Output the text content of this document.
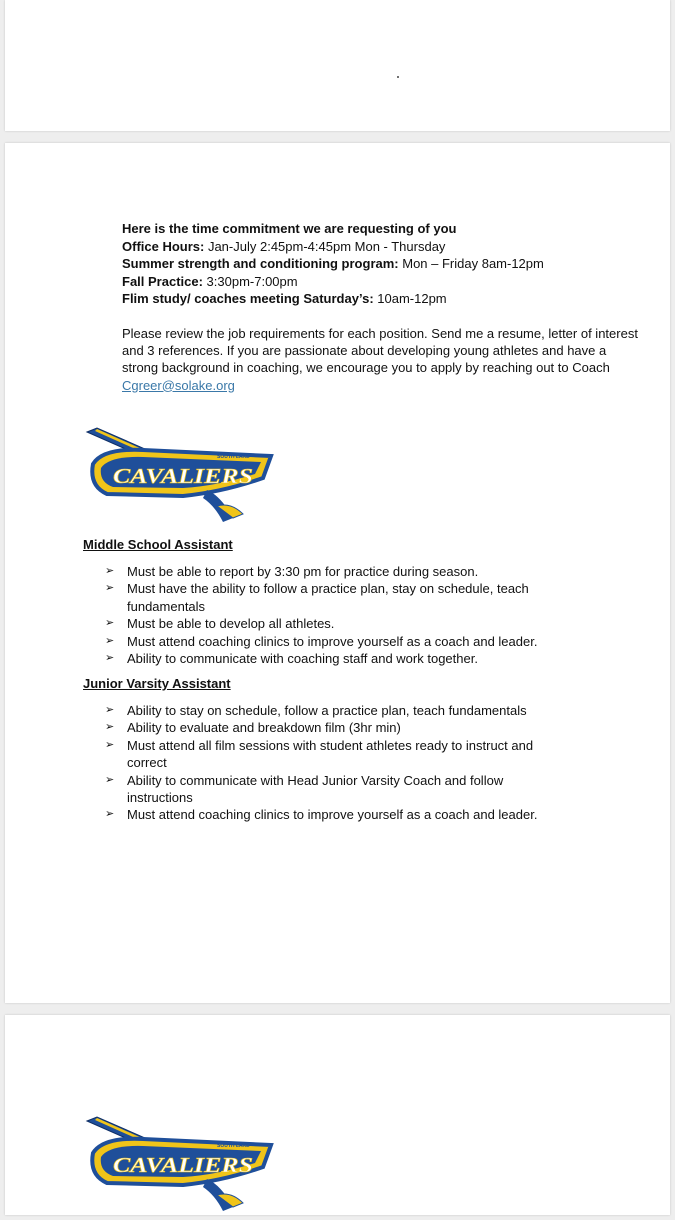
Here is the time commitment we are requesting of you
Office Hours: Jan-July 2:45pm-4:45pm Mon - Thursday
Summer strength and conditioning program: Mon – Friday 8am-12pm
Fall Practice: 3:30pm-7:00pm
Flim study/ coaches meeting Saturday’s: 10am-12pm
Please review the job requirements for each position. Send me a resume, letter of interest and 3 references. If you are passionate about developing young athletes and have a strong background in coaching, we encourage you to apply by reaching out to Coach Cgreer@solake.org
SOUTH LAKE
CAVALIERS
Middle School Assistant
➢ Must be able to report by 3:30 pm for practice during season.
➢ Must have the ability to follow a practice plan, stay on schedule, teach fundamentals
➢ Must be able to develop all athletes.
➢ Must attend coaching clinics to improve yourself as a coach and leader.
➢ Ability to communicate with coaching staff and work together.
Junior Varsity Assistant
➢ Ability to stay on schedule, follow a practice plan, teach fundamentals
➢ Ability to evaluate and breakdown film (3hr min)
➢ Must attend all film sessions with student athletes ready to instruct and correct
➢ Ability to communicate with Head Junior Varsity Coach and follow instructions
➢ Must attend coaching clinics to improve yourself as a coach and leader.
SOUTH LAKE
CAVALIERS
